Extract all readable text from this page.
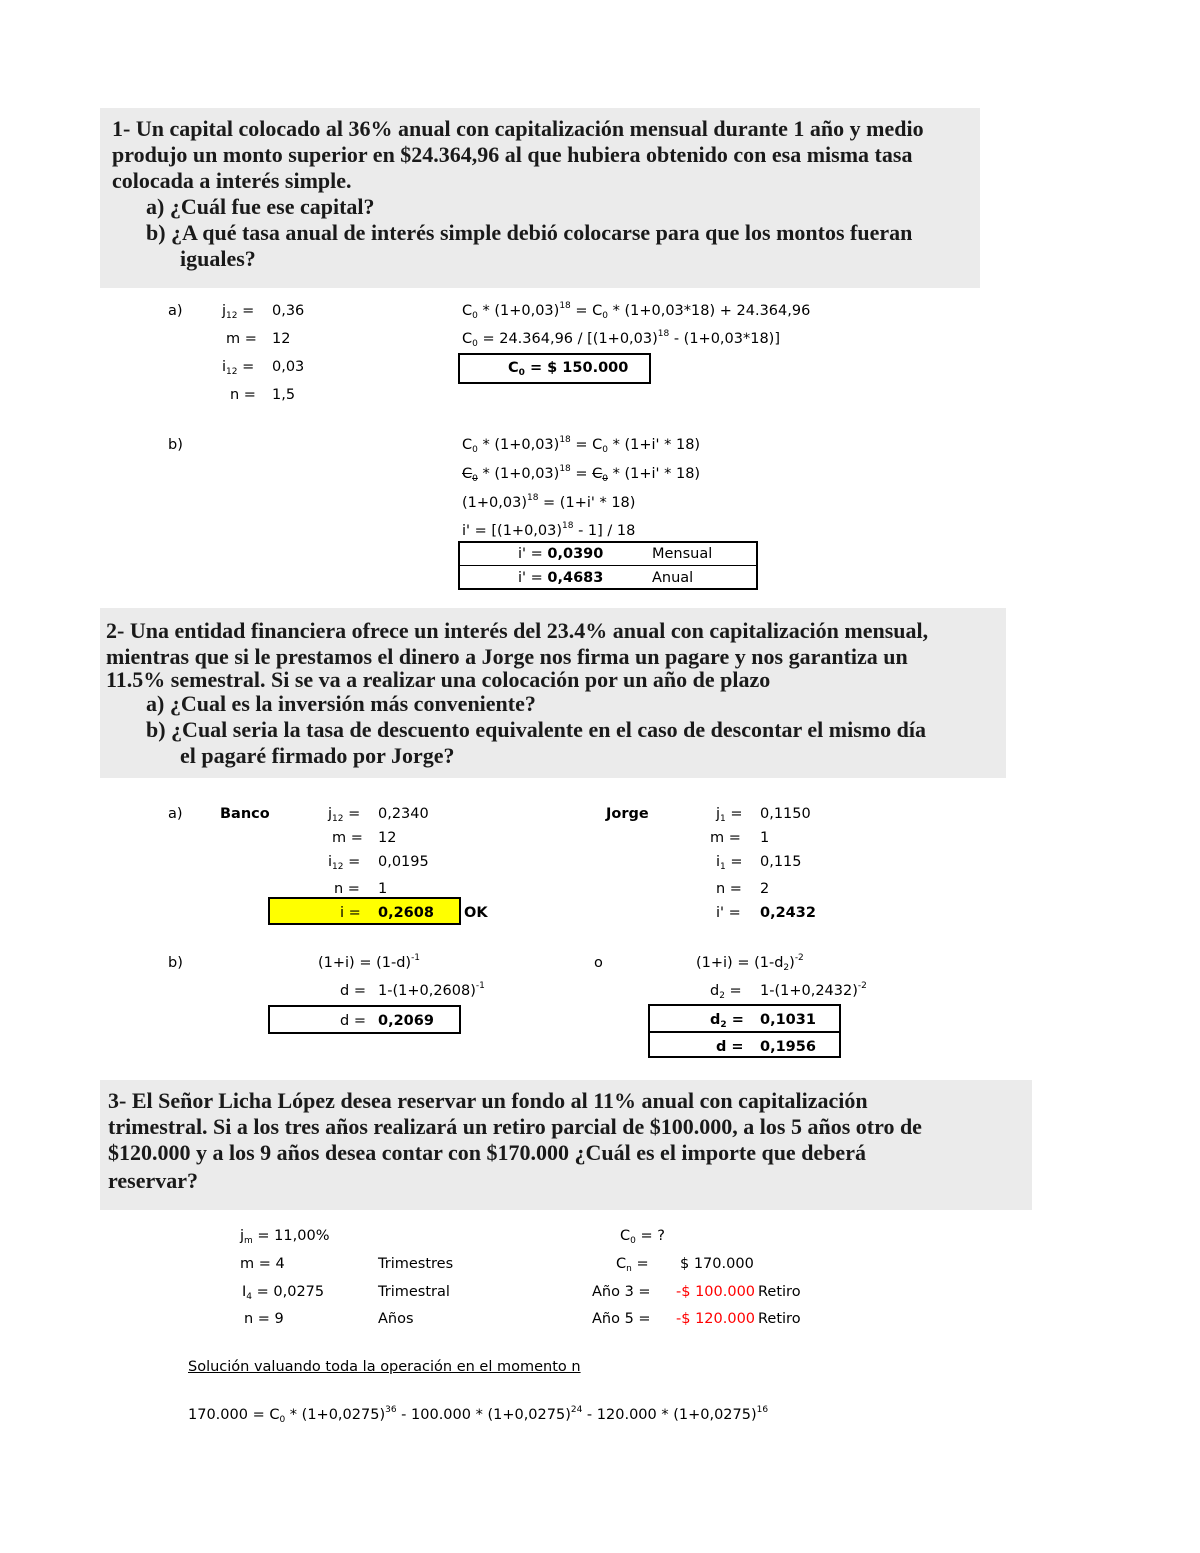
1- Un capital colocado al 36% anual con capitalización mensual durante 1 año y medio
produjo un monto superior en $24.364,96 al que hubiera obtenido con esa misma tasa
colocada a interés simple.
a) ¿Cuál fue ese capital?
b) ¿A qué tasa anual de interés simple debió colocarse para que los montos fueran
iguales?
a)	$j_{12} = 0,36$
m = 12
$i_{12} = 0,03$
n = 1,5
$C_0 * (1+0,03)^{18} = C_0 * (1+0,03*18) + 24.364,96$
$C_0 = 24.364,96 / [(1+0,03)^{18} - (1+0,03*18)]$
$C_0$ = $ 150.000
b)	$C_0 * (1+0,03)^{18} = C_0 * (1+i' * 18)$
$C_0 * (1+0,03)^{18} = C_0 * (1+i' * 18)$
$(1+0,03)^{18} = (1+i' * 18)$
$i' = [(1+0,03)^{18} - 1] / 18$
i' = 0,0390	Mensual
i' = 0,4683	Anual
2- Una entidad financiera ofrece un interés del 23.4% anual con capitalización mensual,
mientras que si le prestamos el dinero a Jorge nos firma un pagare y nos garantiza un
11.5% semestral. Si se va a realizar una colocación por un año de plazo
a) ¿Cual es la inversión más conveniente?
b) ¿Cual seria la tasa de descuento equivalente en el caso de descontar el mismo día
el pagaré firmado por Jorge?
a)	Banco	$j_{12} = 0,2340$
m = 12
$i_{12} = 0,0195$
n = 1
i = 0,2608 OK
Jorge	$j_1 = 0,1150$
m = 1
$i_1 = 0,115$
n = 2
i' = 0,2432
b)	$(1+i) = (1-d)^{-1}$
$d = 1-(1+0,2608)^{-1}$
d = 0,2069
o	$(1+i) = (1-d_2)^{-2}$
$d_2 = 1-(1+0,2432)^{-2}$
$d_2 = 0,1031$
d = 0,1956
3- El Señor Licha López desea reservar un fondo al 11% anual con capitalización
trimestral. Si a los tres años realizará un retiro parcial de $100.000, a los 5 años otro de
$120.000 y a los 9 años desea contar con $170.000 ¿Cuál es el importe que deberá
reservar?
$j_m = 11,00\%$
m = 4	Trimestres
$I_4 = 0,0275$	Trimestral
n = 9	Años
$C_0$ = ?
$C_n$ = $ 170.000
Año 3 = -$ 100.000 Retiro
Año 5 = -$ 120.000 Retiro
Solución valuando toda la operación en el momento n
$170.000 = C_0 * (1+0,0275)^{36} - 100.000 * (1+0,0275)^{24} - 120.000 * (1+0,0275)^{16}$
